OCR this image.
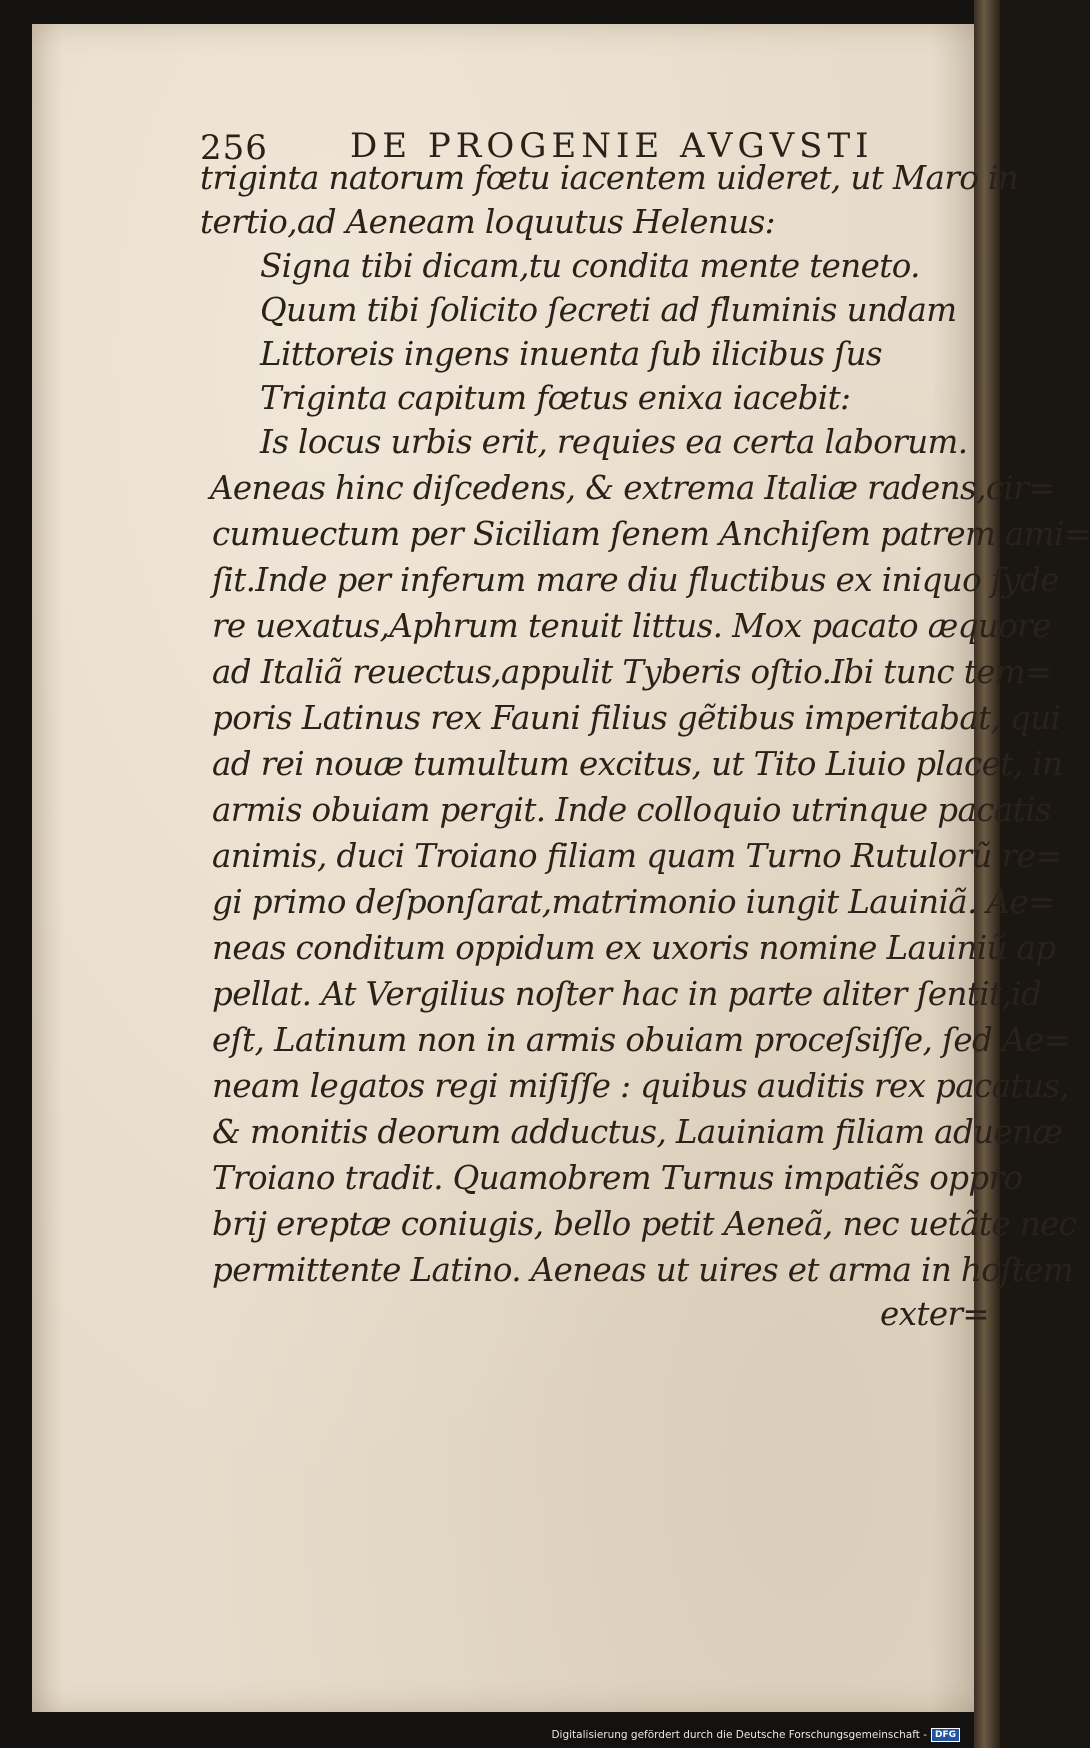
256 DE PROGENIE AVGVSTI
triginta natorum fœtu iacentem uideret, ut Maro in
tertio,ad Aeneam loquutus Helenus:
Signa tibi dicam,tu condita mente teneto.
Quum tibi ſolicito ſecreti ad fluminis undam
Littoreis ingens inuenta ſub ilicibus ſus
Triginta capitum fœtus enixa iacebit:
Is locus urbis erit, requies ea certa laborum.
Aeneas hinc diſcedens, & extrema Italiæ radens,cir=
cumuectum per Siciliam ſenem Anchiſem patrem ami=
ſit.Inde per inferum mare diu fluctibus ex iniquo ſyde
re uexatus,Aphrum tenuit littus. Mox pacato æquore
ad Italiã reuectus,appulit Tyberis oſtio.Ibi tunc tem=
poris Latinus rex Fauni filius gẽtibus imperitabat, qui
ad rei nouæ tumultum excitus, ut Tito Liuio placet, in
armis obuiam pergit. Inde colloquio utrinque pacatis
animis, duci Troiano filiam quam Turno Rutulorũ re=
gi primo deſponſarat,matrimonio iungit Lauiniã. Ae=
neas conditum oppidum ex uxoris nomine Lauiniũ ap
pellat. At Vergilius noſter hac in parte aliter ſentit,id
eſt, Latinum non in armis obuiam proceſsiſſe, ſed Ae=
neam legatos regi miſiſſe : quibus auditis rex pacatus,
& monitis deorum adductus, Lauiniam filiam aduenæ
Troiano tradit. Quamobrem Turnus impatiẽs oppro
brij ereptæ coniugis, bello petit Aeneã, nec uetãte nec
permittente Latino. Aeneas ut uires et arma in hoſtem
exter=
Digitalisierung gefördert durch die Deutsche Forschungsgemeinschaft - DFG
